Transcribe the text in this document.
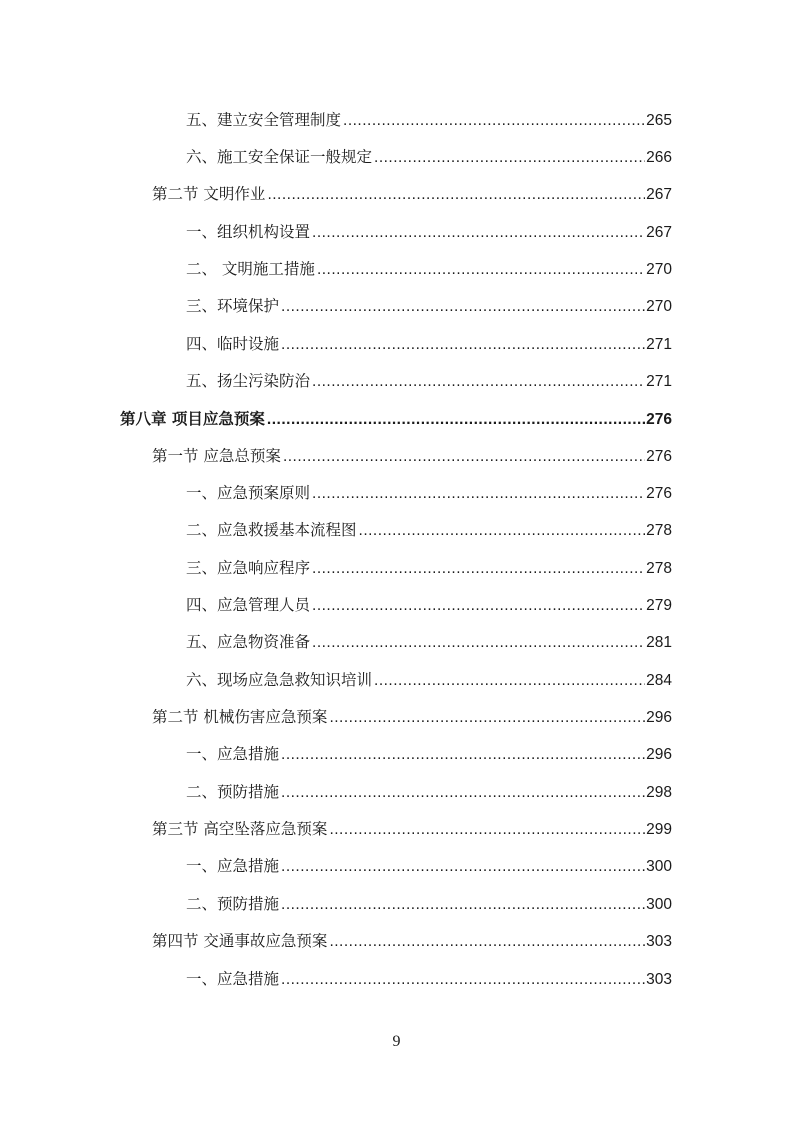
五、建立安全管理制度 .....	265
六、施工安全保证一般规定 .....	266
第二节 文明作业 .....	267
一、组织机构设置 .....	267
二、 文明施工措施 .....	270
三、环境保护 .....	270
四、临时设施 .....	271
五、扬尘污染防治 .....	271
第八章 项目应急预案 .....	276
第一节 应急总预案 .....	276
一、应急预案原则 .....	276
二、应急救援基本流程图 .....	278
三、应急响应程序 .....	278
四、应急管理人员 .....	279
五、应急物资准备 .....	281
六、现场应急急救知识培训 .....	284
第二节 机械伤害应急预案 .....	296
一、应急措施 .....	296
二、预防措施 .....	298
第三节 高空坠落应急预案 .....	299
一、应急措施 .....	300
二、预防措施 .....	300
第四节 交通事故应急预案 .....	303
一、应急措施 .....	303
9
